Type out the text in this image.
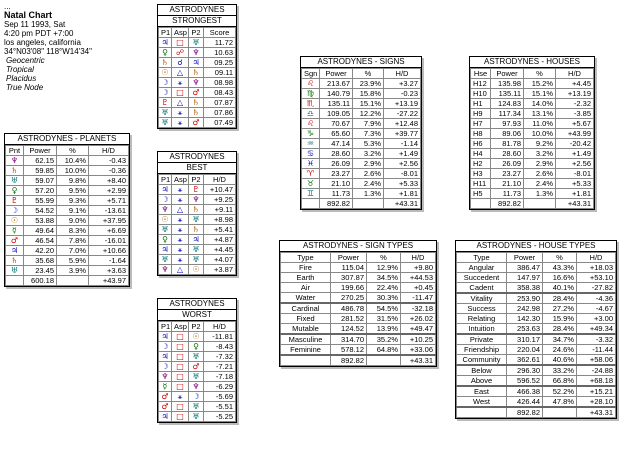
...
Natal Chart
Sep 11 1993, Sat
4:20 pm PDT +7:00
los angeles, california
34°N03'08" 118°W14'34"
Geocentric
Tropical
Placidus
True Node
ASTRODYNES
STRONGEST
P1	Asp	P2	Score
♃	□	♅	11.72
♀	☍	♆	10.63
♄	☌	♃	09.25
☉	△	♄	09.11
☽	⚹	♆	08.98
☽	□	♂	08.43
♇	△	♄	07.87
♅	⚹	♄	07.86
♅	⚹	♂	07.49
ASTRODYNES
BEST
P1	Asp	P2	H/D
♃	⚹	♇	+10.47
☽	⚹	♆	+9.25
♆	△	♄	+9.11
☉	⚹	♅	+8.98
♅	⚹	♄	+5.41
♀	⚹	♃	+4.87
♃	⚹	♅	+4.45
♅	⚹	♅	+4.07
♆	△	☉	+3.87
ASTRODYNES
WORST
P1	Asp	P2	H/D
♃	□	☉	-11.81
☽	□	♀	-8.43
♃	□	♅	-7.32
☽	□	♂	-7.21
♆	□	♅	-7.18
☿	□	♆	-6.29
♂	⚹	☽	-5.69
♂	□	♅	-5.51
♃	□	♅	-5.25
ASTRODYNES - PLANETS
Pnt	Power	%	H/D
♆	62.15	10.4%	-0.43
♄	59.85	10.0%	-0.36
♅	59.07	9.8%	+8.40
♀	57.20	9.5%	+2.99
♇	55.99	9.3%	+5.71
☽	54.52	9.1%	-13.61
☉	53.88	9.0%	+37.95
☿	49.64	8.3%	+6.69
♂	46.54	7.8%	-16.01
♃	42.20	7.0%	+10.66
♄	35.68	5.9%	-1.64
♅	23.45	3.9%	+3.63
	600.18		+43.97
ASTRODYNES - SIGNS
Sgn	Power	%	H/D
♌	213.67	23.9%	+3.27
♍	140.79	15.8%	-0.23
♏	135.11	15.1%	+13.19
♎	109.05	12.2%	-27.22
♌	70.67	7.9%	+12.48
♑	65.60	7.3%	+39.77
♒	47.14	5.3%	-1.14
♋	28.60	3.2%	+1.49
♓	26.09	2.9%	+2.56
♈	23.27	2.6%	-8.01
♉	21.10	2.4%	+5.33
♊	11.73	1.3%	+1.81
	892.82		+43.31
ASTRODYNES - HOUSES
Hse	Power	%	H/D
H12	135.98	15.2%	+4.45
H10	135.11	15.1%	+13.19
H1	124.83	14.0%	-2.32
H9	117.34	13.1%	-3.85
H7	97.93	11.0%	+5.67
H8	89.06	10.0%	+43.99
H6	81.78	9.2%	-20.42
H4	28.60	3.2%	+1.49
H2	26.09	2.9%	+2.56
H3	23.27	2.6%	-8.01
H11	21.10	2.4%	+5.33
H5	11.73	1.3%	+1.81
	892.82		+43.31
ASTRODYNES - SIGN TYPES
Type	Power	%	H/D
Fire	115.04	12.9%	+9.80
Earth	307.87	34.5%	+44.53
Air	199.66	22.4%	+0.45
Water	270.25	30.3%	-11.47
Cardinal	486.78	54.5%	-32.18
Fixed	281.52	31.5%	+26.02
Mutable	124.52	13.9%	+49.47
Masculine	314.70	35.2%	+10.25
Feminine	578.12	64.8%	+33.06
	892.82		+43.31
ASTRODYNES - HOUSE TYPES
Type	Power	%	H/D
Angular	386.47	43.3%	+18.03
Succedent	147.97	16.6%	+53.10
Cadent	358.38	40.1%	-27.82
Vitality	253.90	28.4%	-4.36
Success	242.98	27.2%	-4.67
Relating	142.30	15.9%	+3.00
Intuition	253.63	28.4%	+49.34
Private	310.17	34.7%	-3.32
Friendship	220.04	24.6%	-11.44
Community	362.61	40.6%	+58.06
Below	296.30	33.2%	-24.88
Above	596.52	66.8%	+68.18
East	466.38	52.2%	+15.21
West	426.44	47.8%	+28.10
	892.82		+43.31
